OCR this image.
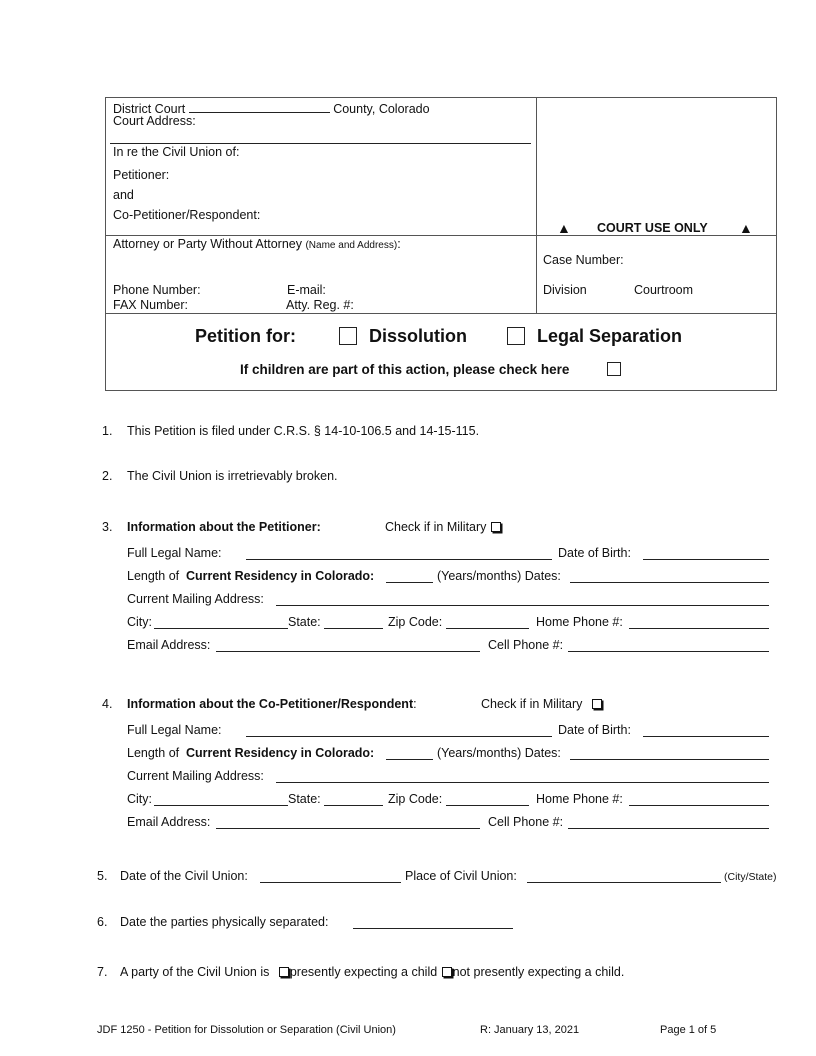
District Court	County, Colorado
Court Address:
In re the Civil Union of:
Petitioner:
and
Co-Petitioner/Respondent:
▲ COURT USE ONLY ▲
Attorney or Party Without Attorney (Name and Address):
Phone Number:	E-mail:
FAX Number:	Atty. Reg. #:
Case Number:
Division	Courtroom
Petition for:	Dissolution	Legal Separation
If children are part of this action, please check here
1. This Petition is filed under C.R.S. § 14-10-106.5 and 14-15-115.
2. The Civil Union is irretrievably broken.
3. Information about the Petitioner:	Check if in Military
Full Legal Name:	Date of Birth:
Length of Current Residency in Colorado:	(Years/months) Dates:
Current Mailing Address:
City:	State:	Zip Code:	Home Phone #:
Email Address:	Cell Phone #:
4. Information about the Co-Petitioner/Respondent:	Check if in Military
Full Legal Name:	Date of Birth:
Length of Current Residency in Colorado:	(Years/months) Dates:
Current Mailing Address:
City:	State:	Zip Code:	Home Phone #:
Email Address:	Cell Phone #:
5. Date of the Civil Union:	Place of Civil Union:	(City/State)
6. Date the parties physically separated:
7. A party of the Civil Union is presently expecting a child not presently expecting a child.
JDF 1250 - Petition for Dissolution or Separation (Civil Union)	R: January 13, 2021	Page 1 of 5
